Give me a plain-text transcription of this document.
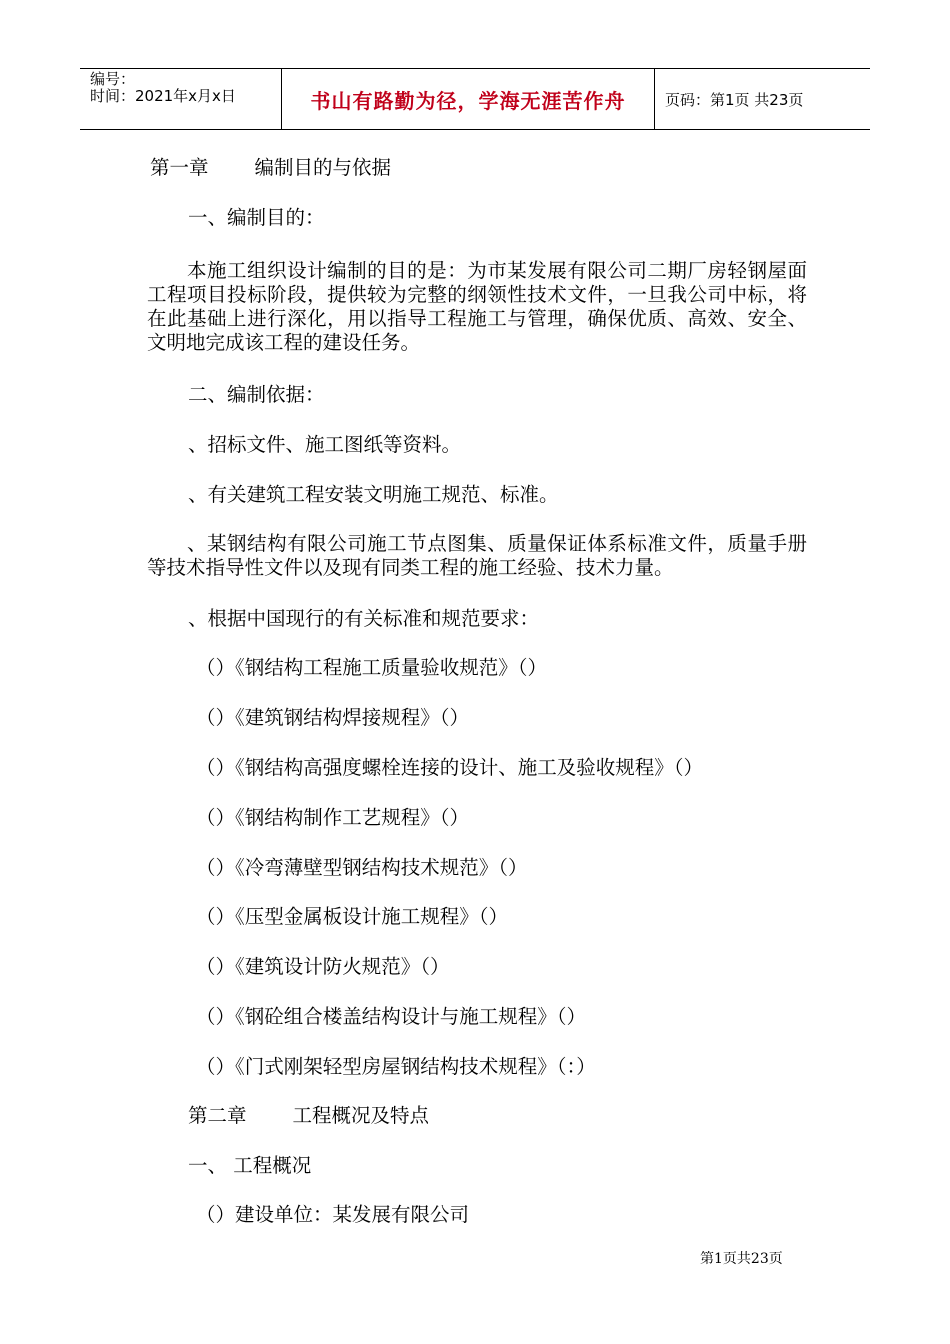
编号：
时间：2021年x月x日	书山有路勤为径，学海无涯苦作舟	页码：第1页 共23页
第一章 编制目的与依据
一、编制目的：
本施工组织设计编制的目的是：为市某发展有限公司二期厂房轻钢屋面工程项目投标阶段，提供较为完整的纲领性技术文件，一旦我公司中标，将在此基础上进行深化，用以指导工程施工与管理，确保优质、高效、安全、文明地完成该工程的建设任务。
二、编制依据：
、招标文件、施工图纸等资料。
、有关建筑工程安装文明施工规范、标准。
、某钢结构有限公司施工节点图集、质量保证体系标准文件，质量手册等技术指导性文件以及现有同类工程的施工经验、技术力量。
、根据中国现行的有关标准和规范要求：
（）《钢结构工程施工质量验收规范》（）
（）《建筑钢结构焊接规程》（）
（）《钢结构高强度螺栓连接的设计、施工及验收规程》（）
（）《钢结构制作工艺规程》（）
（）《冷弯薄壁型钢结构技术规范》（）
（）《压型金属板设计施工规程》（）
（）《建筑设计防火规范》（）
（）《钢砼组合楼盖结构设计与施工规程》（）
（）《门式刚架轻型房屋钢结构技术规程》（：）
第二章 工程概况及特点
一、 工程概况
（）建设单位：某发展有限公司
第1页共23页
